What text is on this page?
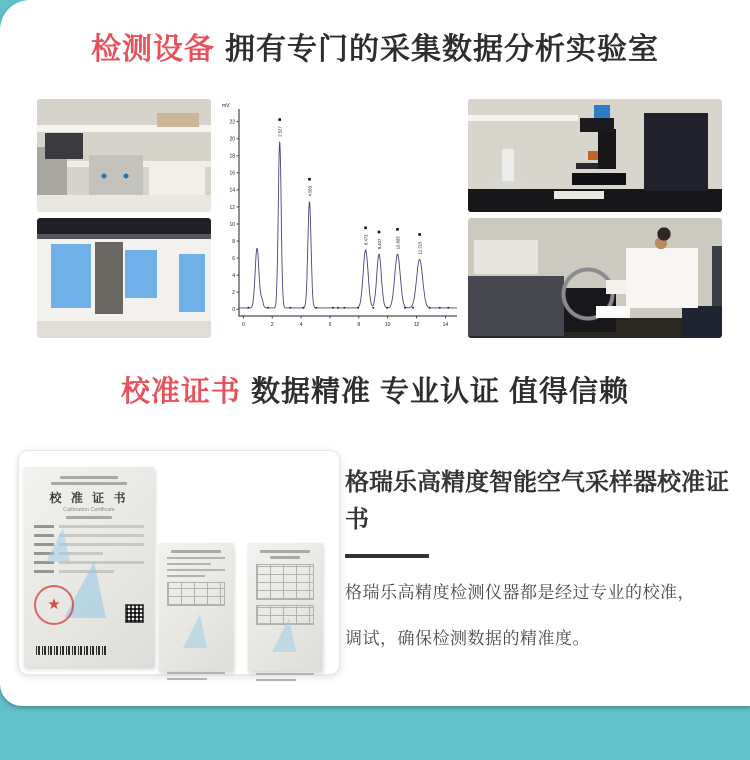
检测设备 拥有专门的采集数据分析实验室
0
2
4
6
8
10
12
14
16
18
20
22
mV
0	2	4	6	8	10	12	14
2.527
4.583
8.473 9.407	10.683	12.215
校准证书 数据精准 专业认证 值得信赖
校 准 证 书
Calibration Certificate
★
格瑞乐高精度智能空气采样器校准证书

格瑞乐高精度检测仪器都是经过专业的校准，

调试，确保检测数据的精准度。
